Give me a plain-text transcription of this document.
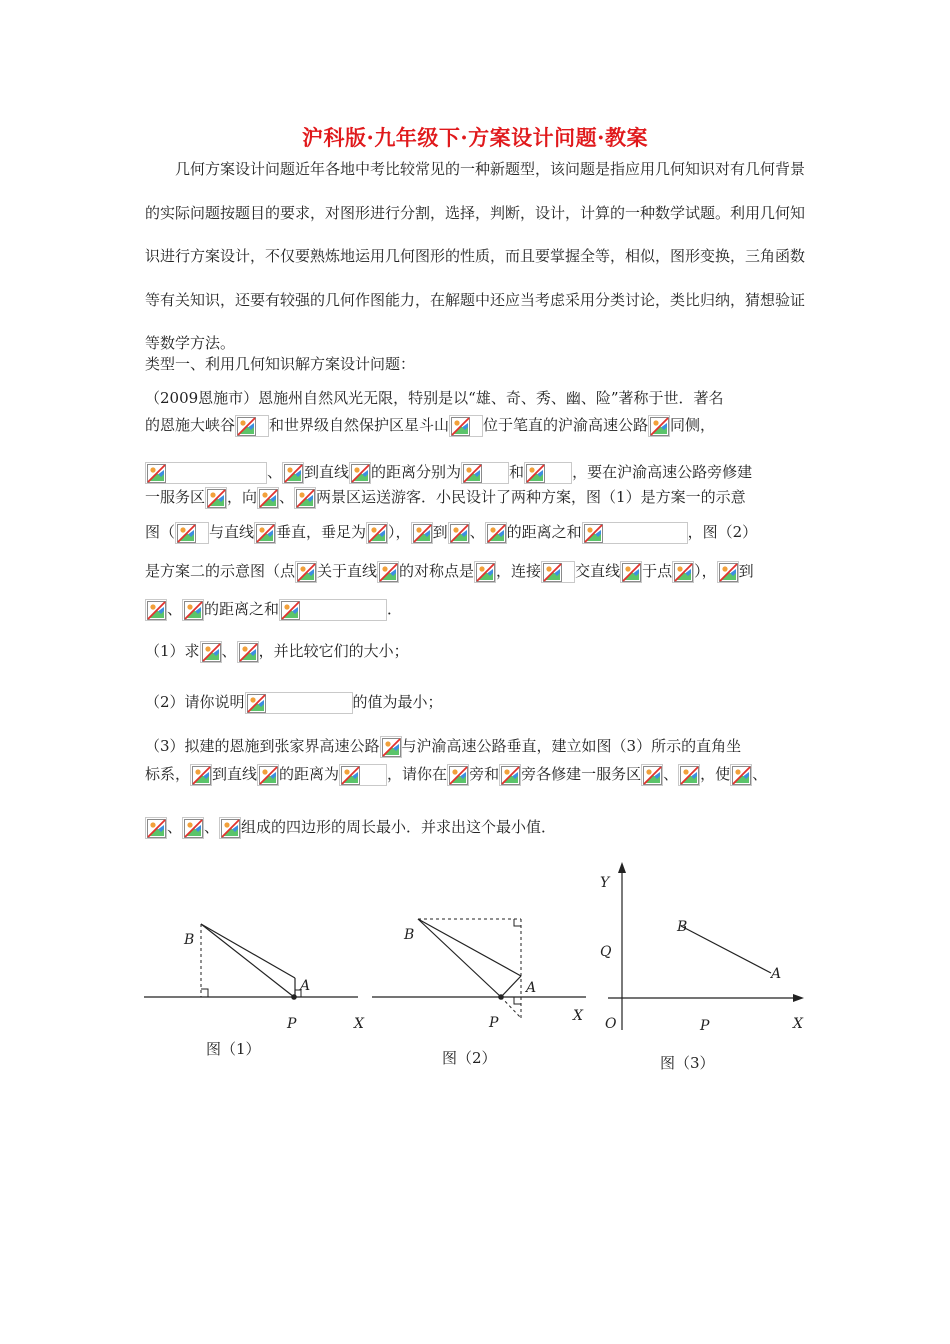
沪科版·九年级下·方案设计问题·教案
几何方案设计问题近年各地中考比较常见的一种新题型，该问题是指应用几何知识对有几何背景的实际问题按题目的要求，对图形进行分割，选择，判断，设计，计算的一种数学试题。利用几何知识进行方案设计，不仅要熟炼地运用几何图形的性质，而且要掌握全等，相似，图形变换，三角函数等有关知识，还要有较强的几何作图能力，在解题中还应当考虑采用分类讨论，类比归纳，猜想验证等数学方法。
类型一、利用几何知识解方案设计问题：
（2009恩施市）恩施州自然风光无限，特别是以“雄、奇、秀、幽、险”著称于世．著名
的恩施大峡谷 和世界级自然保护区星斗山 位于笔直的沪渝高速公路 同侧，
、 到直线 的距离分别为	和	，要在沪渝高速公路旁修建
一服务区 ，向 、 两景区运送游客．小民设计了两种方案，图（1）是方案一的示意
图（ 与直线 垂直，垂足为 ）， 到 、 的距离之和	，图（2）
是方案二的示意图（点 关于直线 的对称点是 ，连接 交直线 于点 ）， 到
、 的距离之和	．
（1）求 、 ，并比较它们的大小；
（2）请你说明	的值为最小；
（3）拟建的恩施到张家界高速公路 与沪渝高速公路垂直，建立如图（3）所示的直角坐
标系， 到直线 的距离为	，请你在 旁和 旁各修建一服务区 、 ，使 、
、 、 组成的四边形的周长最小．并求出这个最小值．
B
A
P	X
图（1）
B
A
P	X
图（2）
Y
Q
B
A
O	P	X
图（3）
